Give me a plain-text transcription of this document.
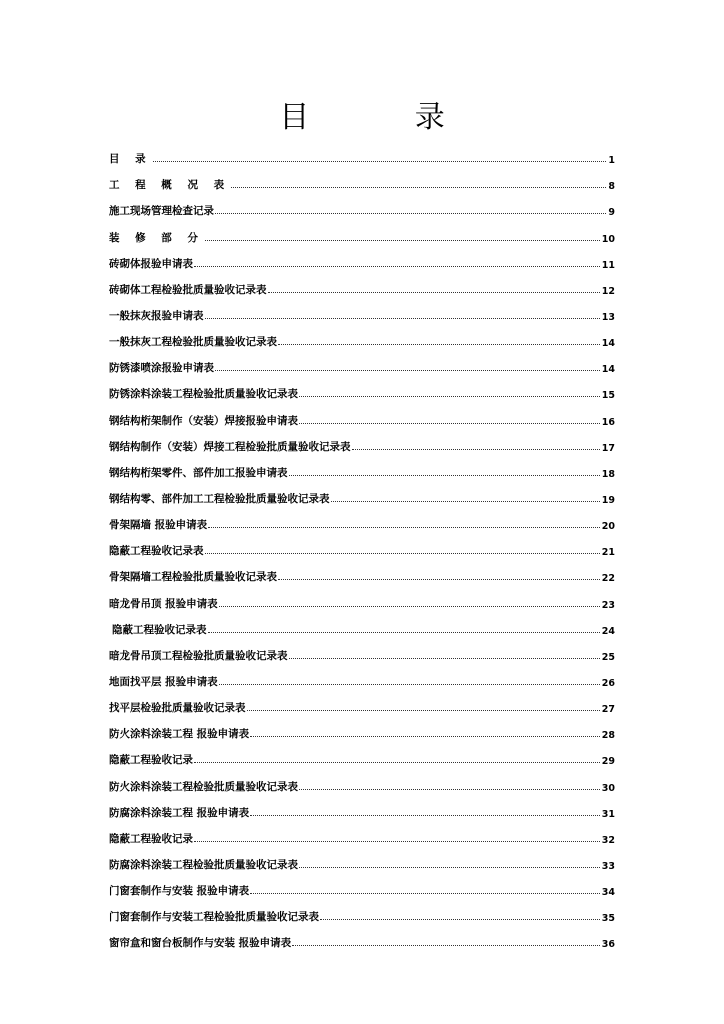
目 录
目 录	1
工 程 概 况 表	8
施工现场管理检查记录	9
装 修 部 分	10
砖砌体报验申请表	11
砖砌体工程检验批质量验收记录表	12
一般抹灰报验申请表	13
一般抹灰工程检验批质量验收记录表	14
防锈漆喷涂报验申请表	14
防锈涂料涂装工程检验批质量验收记录表	15
钢结构桁架制作（安装）焊接报验申请表	16
钢结构制作（安装）焊接工程检验批质量验收记录表	17
钢结构桁架零件、部件加工报验申请表	18
钢结构零、部件加工工程检验批质量验收记录表	19
骨架隔墙 报验申请表	20
隐蔽工程验收记录表	21
骨架隔墙工程检验批质量验收记录表	22
暗龙骨吊顶 报验申请表	23
隐蔽工程验收记录表	24
暗龙骨吊顶工程检验批质量验收记录表	25
地面找平层 报验申请表	26
找平层检验批质量验收记录表	27
防火涂料涂装工程 报验申请表	28
隐蔽工程验收记录	29
防火涂料涂装工程检验批质量验收记录表	30
防腐涂料涂装工程 报验申请表	31
隐蔽工程验收记录	32
防腐涂料涂装工程检验批质量验收记录表	33
门窗套制作与安装 报验申请表	34
门窗套制作与安装工程检验批质量验收记录表	35
窗帘盒和窗台板制作与安装 报验申请表	36
